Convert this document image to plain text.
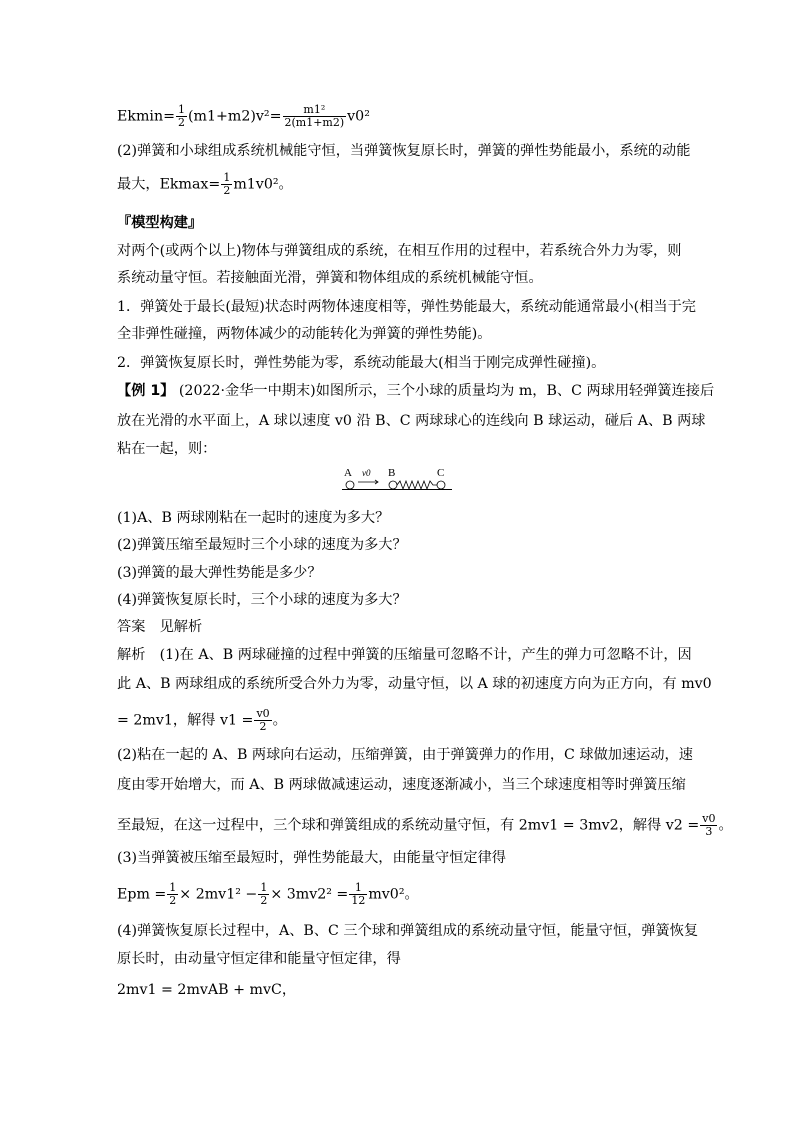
$Ekmin= \frac{1}{2} (m1+m2)v^2= \frac{\text{m1²}}{2(m1+m2)} v0^2$
(2)弹簧和小球组成系统机械能守恒，当弹簧恢复原长时，弹簧的弹性势能最小，系统的动能
最大，$Ekmax= \frac{1}{2} m1v0^2$。
『模型构建』
对两个(或两个以上)物体与弹簧组成的系统，在相互作用的过程中，若系统合外力为零，则
系统动量守恒。若接触面光滑，弹簧和物体组成的系统机械能守恒。
1．弹簧处于最长(最短)状态时两物体速度相等，弹性势能最大，系统动能通常最小(相当于完
全非弹性碰撞，两物体减少的动能转化为弹簧的弹性势能)。
2．弹簧恢复原长时，弹性势能为零，系统动能最大(相当于刚完成弹性碰撞)。
【例 1】 (2022·金华一中期末)如图所示，三个小球的质量均为 m，B、C 两球用轻弹簧连接后
放在光滑的水平面上，A 球以速度 v0 沿 B、C 两球球心的连线向 B 球运动，碰后 A、B 两球
粘在一起，则：
A v0 B	C
(1)A、B 两球刚粘在一起时的速度为多大？
(2)弹簧压缩至最短时三个小球的速度为多大？
(3)弹簧的最大弹性势能是多少？
(4)弹簧恢复原长时，三个小球的速度为多大？
答案　见解析
解析　(1)在 A、B 两球碰撞的过程中弹簧的压缩量可忽略不计，产生的弹力可忽略不计，因
此 A、B 两球组成的系统所受合外力为零，动量守恒，以 A 球的初速度方向为正方向，有 mv0
= 2mv1，解得 $v1 = \frac{v0}{2}$ 。
(2)粘在一起的 A、B 两球向右运动，压缩弹簧，由于弹簧弹力的作用，C 球做加速运动，速
度由零开始增大，而 A、B 两球做减速运动，速度逐渐减小，当三个球速度相等时弹簧压缩
至最短，在这一过程中，三个球和弹簧组成的系统动量守恒，有 2mv1 = 3mv2，解得 $v2 = \frac{v0}{3}$ 。
(3)当弹簧被压缩至最短时，弹性势能最大，由能量守恒定律得
Epm = $\frac{1}{2} \times 2mv1^2 - \frac{1}{2} \times 3mv2^2 = \frac{1}{12} mv0^2$。
(4)弹簧恢复原长过程中，A、B、C 三个球和弹簧组成的系统动量守恒，能量守恒，弹簧恢复
原长时，由动量守恒定律和能量守恒定律，得
2mv1 = 2mvAB + mvC，
